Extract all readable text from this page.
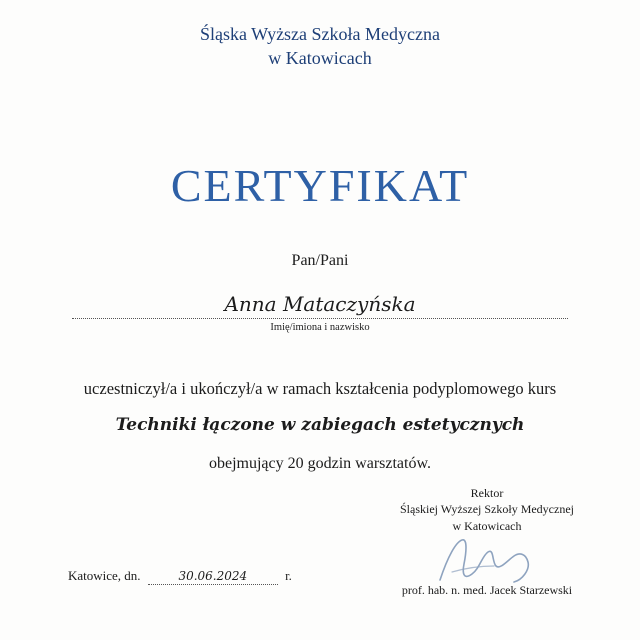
Śląska Wyższa Szkoła Medyczna
w Katowicach
CERTYFIKAT
Pan/Pani
Anna Mataczyńska
Imię/imiona i nazwisko
uczestniczył/a i ukończył/a w ramach kształcenia podyplomowego kurs
Techniki łączone w zabiegach estetycznych
obejmujący 20 godzin warsztatów.
Rektor
Śląskiej Wyższej Szkoły Medycznej
w Katowicach
prof. hab. n. med. Jacek Starzewski
Katowice, dn.	30.06.2024	r.
